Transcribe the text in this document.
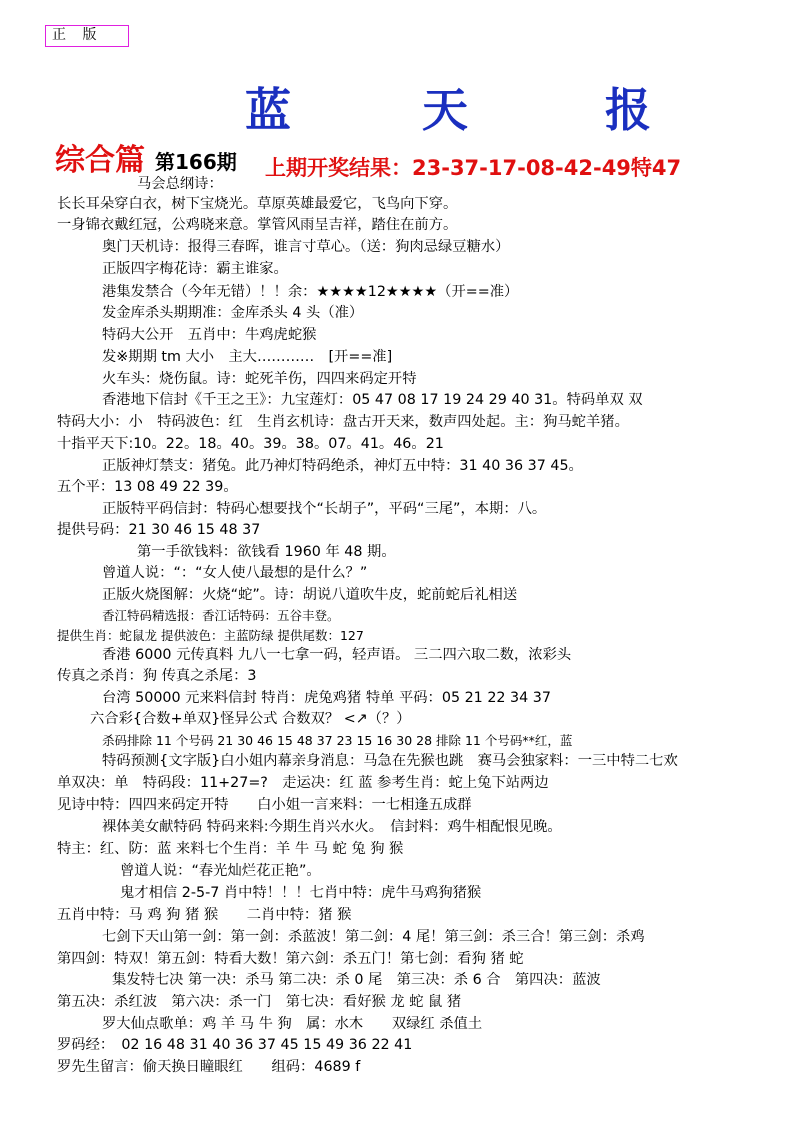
正 版
蓝	天	报
综合篇 第166期 上期开奖结果：23-37-17-08-42-49特47
马会总纲诗：
长长耳朵穿白衣，树下宝烧光。草原英雄最爱它，飞鸟向下穿。
一身锦衣戴红冠，公鸡晓来意。掌管风雨呈吉祥，踏住在前方。
奥门天机诗：报得三春晖，谁言寸草心。（送：狗肉忌绿豆糖水）
正版四字梅花诗：霸主谁家。
港集发禁合（今年无错）！！余：★★★★12★★★★（开==准）
发金库杀头期期准：金库杀头 4 头（准）
特码大公开　五肖中：牛鸡虎蛇猴
发※期期 tm 大小　主大…………　[开==准]
火车头：烧伤鼠。诗：蛇死羊伤，四四来码定开特
香港地下信封《千王之王》：九宝莲灯：05 47 08 17 19 24 29 40 31。特码单双 双
特码大小：小　特码波色：红　生肖玄机诗：盘古开天来，数声四处起。主：狗马蛇羊猪。
十指平天下:10。22。18。40。39。38。07。41。46。21
正版神灯禁支：猪兔。此乃神灯特码绝杀，神灯五中特：31 40 36 37 45。
五个平：13 08 49 22 39。
正版特平码信封：特码心想要找个“长胡子”，平码“三尾”，本期：八。
提供号码：21 30 46 15 48 37
第一手欲钱料：欲钱看 1960 年 48 期。
曾道人说：“：“女人使八最想的是什么？”
正版火烧图解：火烧“蛇”。诗：胡说八道吹牛皮，蛇前蛇后礼相送
香江特码精选报：香江话特码：五谷丰登。
提供生肖：蛇鼠龙 提供波色：主蓝防绿 提供尾数：127
香港 6000 元传真料 九八一七拿一码，轻声语。 三二四六取二数，浓彩头
传真之杀肖：狗 传真之杀尾：3
台湾 50000 元来料信封 特肖：虎兔鸡猪 特单 平码：05 21 22 34 37
六合彩{合数+单双}怪异公式 合数双？ <↗（？）
杀码排除 11 个号码 21 30 46 15 48 37 23 15 16 30 28 排除 11 个号码**红，蓝
特码预测{文字版}白小姐内幕亲身消息：马急在先猴也跳　赛马会独家料：一三中特二七欢
单双决：单　特码段：11+27=?　走运决：红 蓝 参考生肖：蛇上兔下站两边
见诗中特：四四来码定开特　　白小姐一言来料：一七相逢五成群
裸体美女献特码 特码来料:今期生肖兴水火。　信封料：鸡牛相配恨见晚。
特主：红、防：蓝 来料七个生肖：羊 牛 马 蛇 兔 狗 猴
曾道人说：“春光灿烂花正艳”。
鬼才相信 2-5-7 肖中特！！！七肖中特：虎牛马鸡狗猪猴
五肖中特：马 鸡 狗 猪 猴　　二肖中特：猪 猴
七剑下天山第一剑：第一剑：杀蓝波！第二剑：4 尾！第三剑：杀三合！第三剑：杀鸡
第四剑：特双！第五剑：特看大数！第六剑：杀五门！第七剑：看狗 猪 蛇
集发特七决 第一决：杀马 第二决：杀 0 尾　第三决：杀 6 合　第四决：蓝波
第五决：杀红波　第六决：杀一门　第七决：看好猴 龙 蛇 鼠 猪
罗大仙点歌单：鸡 羊 马 牛 狗　属：水木　　双绿红 杀值土
罗码经：　02 16 48 31 40 36 37 45 15 49 36 22 41
罗先生留言：偷天换日瞳眼红　　组码：4689 f
